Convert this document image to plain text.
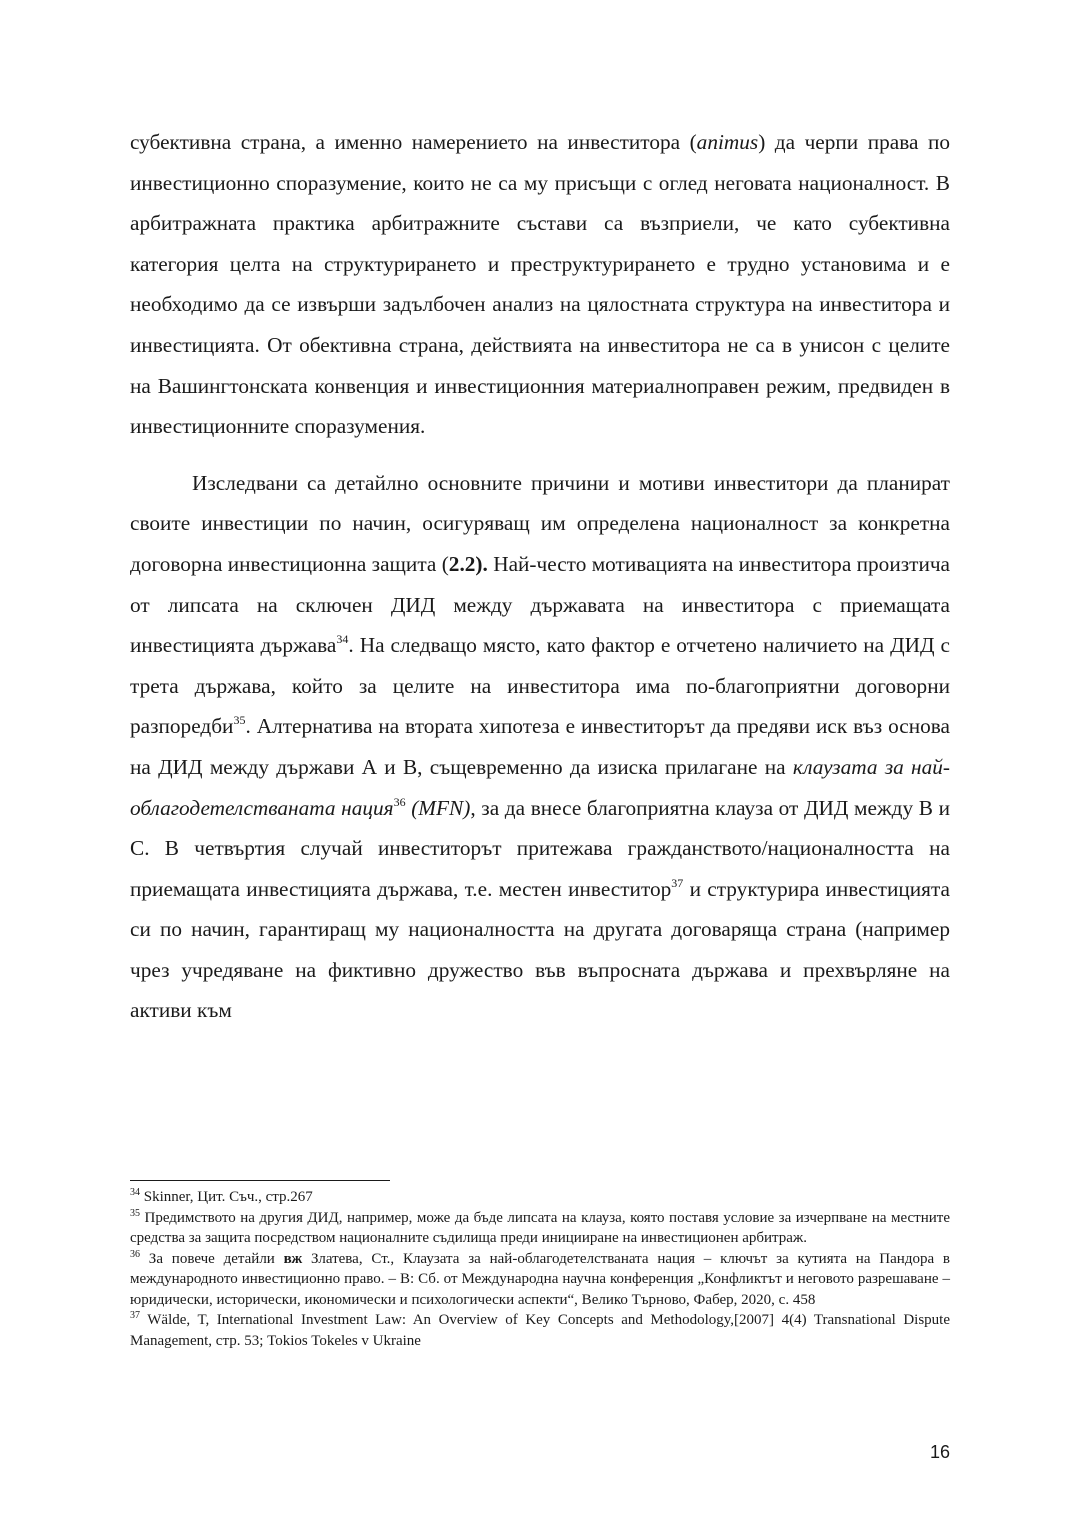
субективна страна, а именно намерението на инвеститора (animus) да черпи права по инвестиционно споразумение, които не са му присъщи с оглед неговата националност. В арбитражната практика арбитражните състави са възприели, че като субективна категория целта на структурирането и преструктурирането е трудно установима и е необходимо да се извърши задълбочен анализ на цялостната структура на инвеститора и инвестицията. От обективна страна, действията на инвеститора не са в унисон с целите на Вашингтонската конвенция и инвестиционния материалноправен режим, предвиден в инвестиционните споразумения.

Изследвани са детайлно основните причини и мотиви инвеститори да планират своите инвестиции по начин, осигуряващ им определена националност за конкретна договорна инвестиционна защита (2.2). Най-често мотивацията на инвеститора произтича от липсата на сключен ДИД между държавата на инвеститора с приемащата инвестицията държава$^{34}$. На следващо място, като фактор е отчетено наличието на ДИД с трета държава, който за целите на инвеститора има по-благоприятни договорни разпоредби$^{35}$. Алтернатива на втората хипотеза е инвеститорът да предяви иск въз основа на ДИД между държави А и В, същевременно да изиска прилагане на клаузата за най-облагодетелстваната нация$^{36}$ (MFN), за да внесе благоприятна клауза от ДИД между В и С. В четвъртия случай инвеститорът притежава гражданството/националността на приемащата инвестицията държава, т.е. местен инвеститор$^{37}$ и структурира инвестицията си по начин, гарантиращ му националността на другата договаряща страна (например чрез учредяване на фиктивно дружество във въпросната държава и прехвърляне на активи към

$^{34}$ Skinner, Цит. Съч., стр.267

$^{35}$ Предимството на другия ДИД, например, може да бъде липсата на клауза, която поставя условие за изчерпване на местните средства за защита посредством националните съдилища преди иницииране на инвестиционен арбитраж.

$^{36}$ За повече детайли вж Златева, Ст., Клаузата за най-облагодетелстваната нация – ключът за кутията на Пандора в международното инвестиционно право. – В: Сб. от Международна научна конференция „Конфликтът и неговото разрешаване – юридически, исторически, икономически и психологически аспекти“, Велико Търново, Фабер, 2020, с. 458

$^{37}$ Wälde, T, International Investment Law: An Overview of Key Concepts and Methodology,[2007] 4(4) Transnational Dispute Management, стр. 53; Tokios Tokeles v Ukraine

16
